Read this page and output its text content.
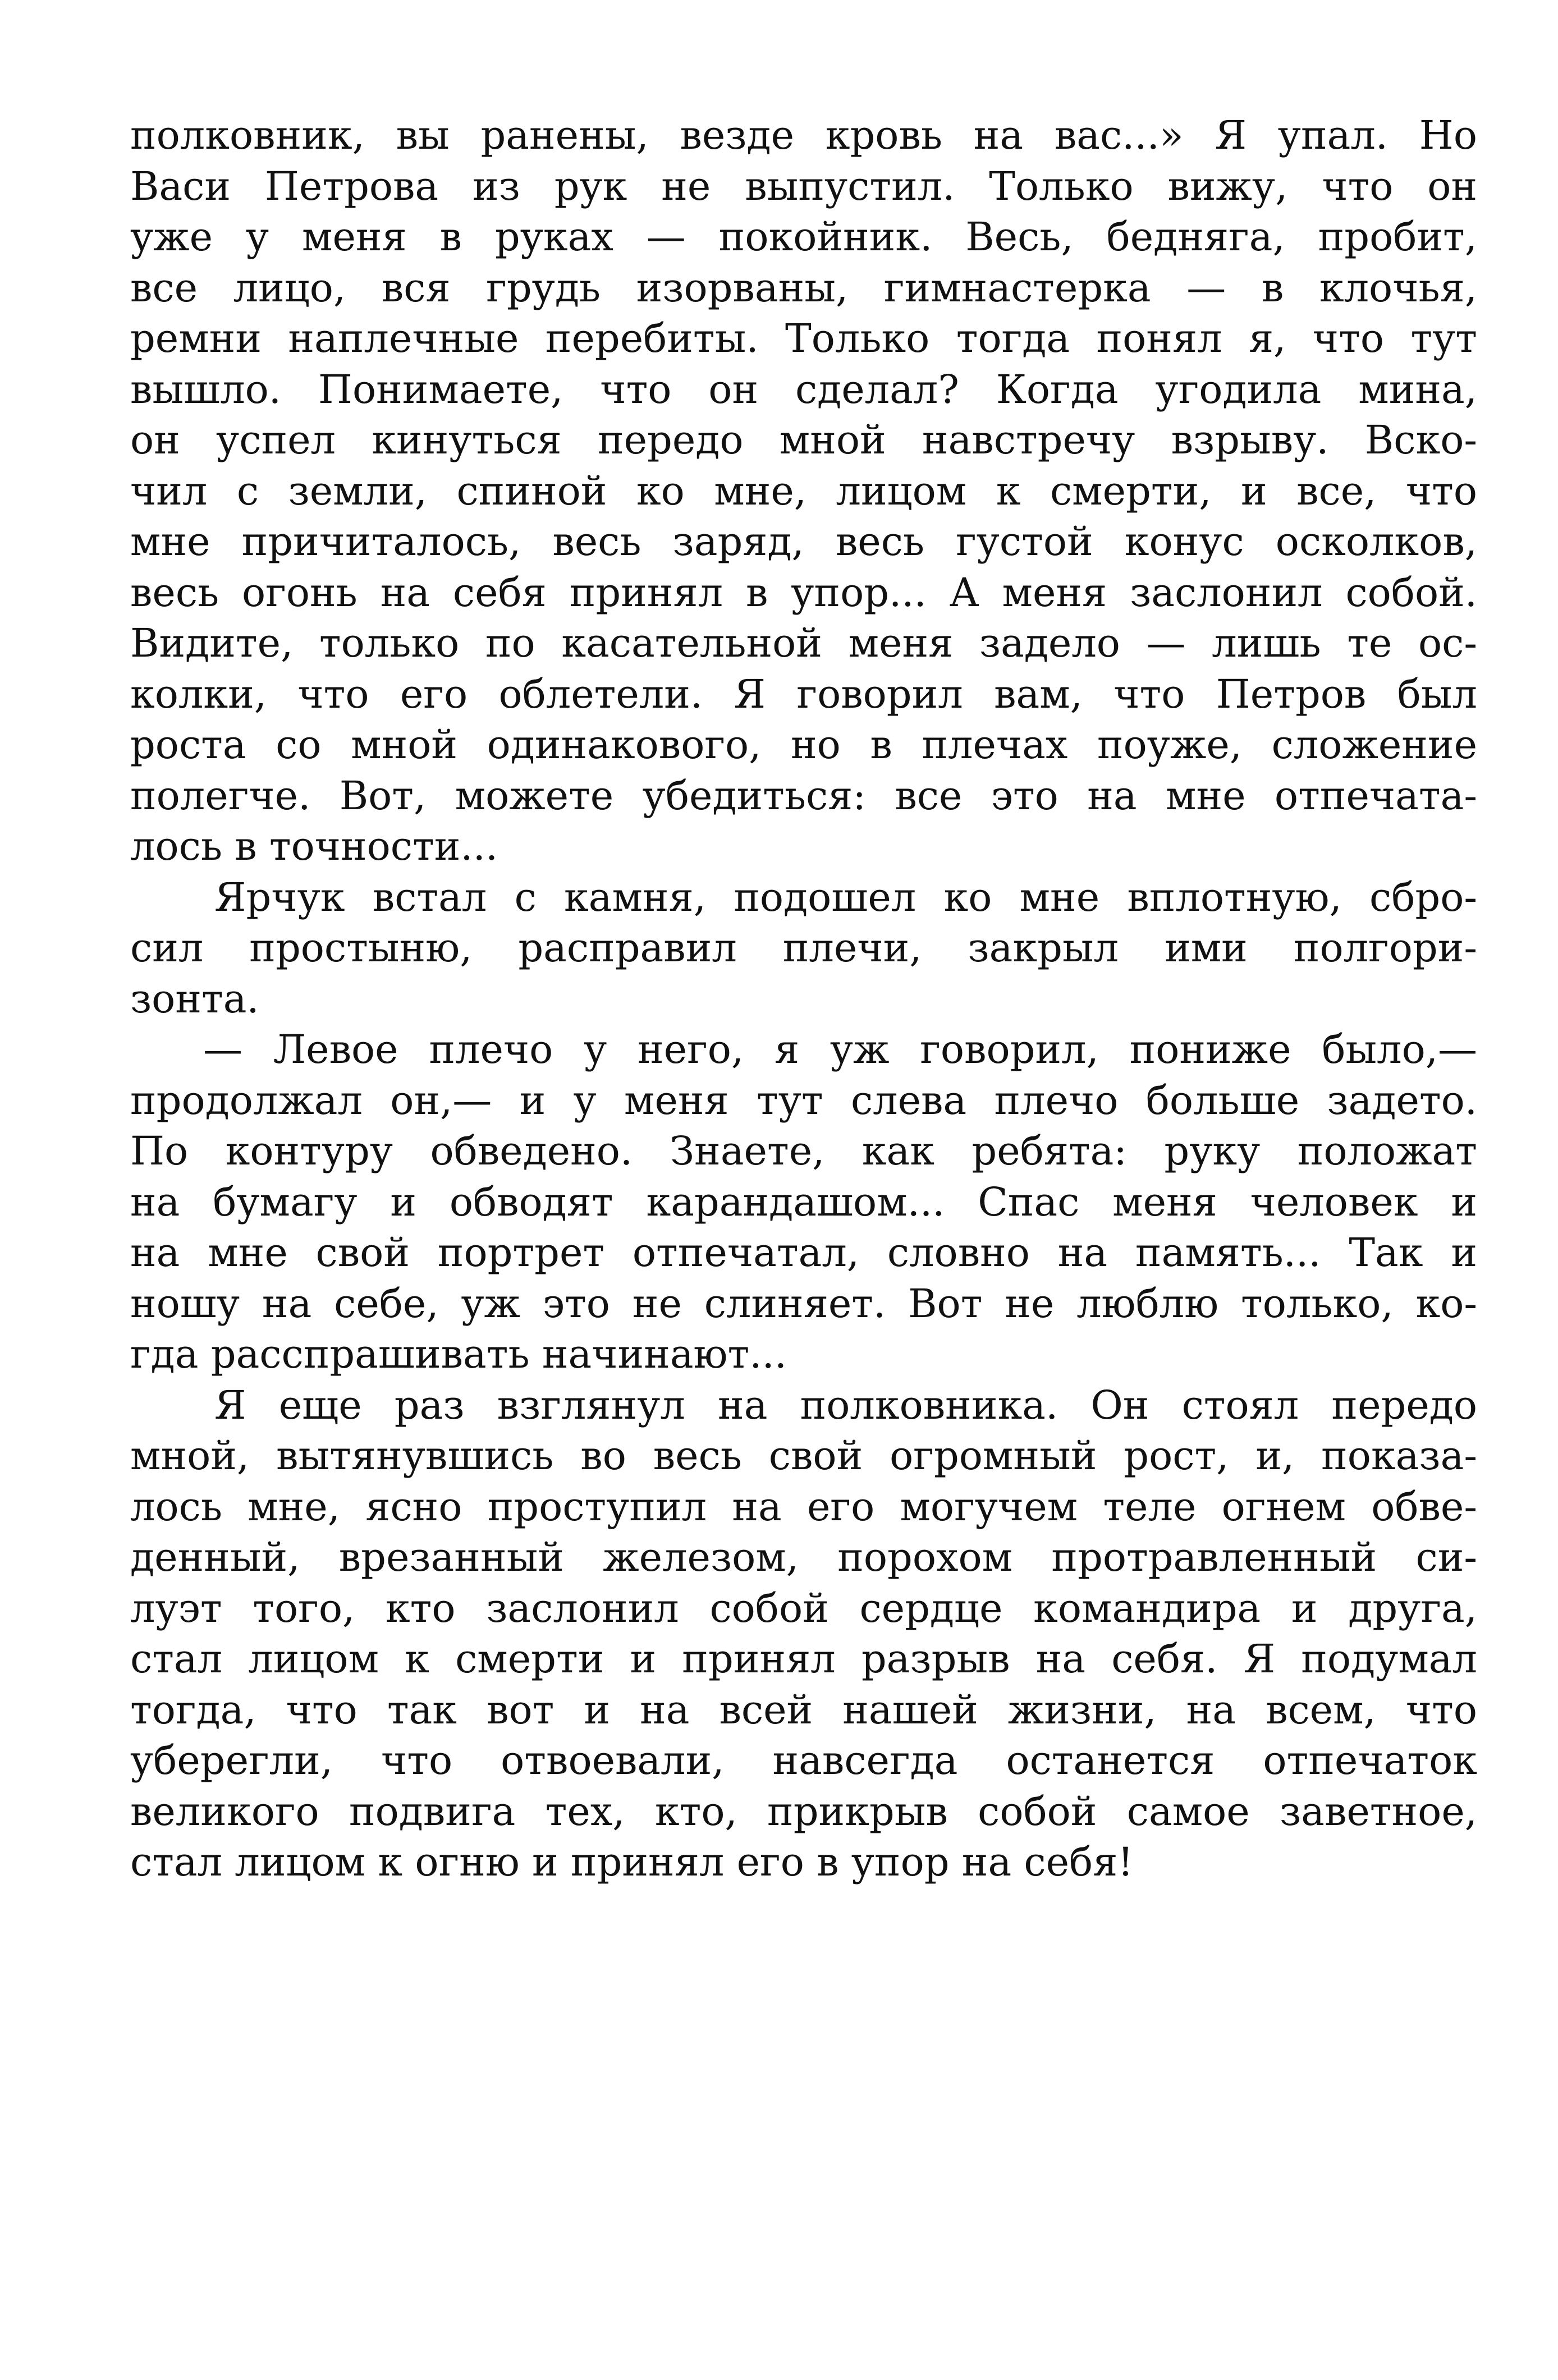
полковник, вы ранены, везде кровь на вас...» Я упал. Но
Васи Петрова из рук не выпустил. Только вижу, что он
уже у меня в руках — покойник. Весь, бедняга, пробит,
все лицо, вся грудь изорваны, гимнастерка — в клочья,
ремни наплечные перебиты. Только тогда понял я, что тут
вышло. Понимаете, что он сделал? Когда угодила мина,
он успел кинуться передо мной навстречу взрыву. Вско-
чил с земли, спиной ко мне, лицом к смерти, и все, что
мне причиталось, весь заряд, весь густой конус осколков,
весь огонь на себя принял в упор... А меня заслонил собой.
Видите, только по касательной меня задело — лишь те ос-
колки, что его облетели. Я говорил вам, что Петров был
роста со мной одинакового, но в плечах поуже, сложение
полегче. Вот, можете убедиться: все это на мне отпечата-
лось в точности...
Ярчук встал с камня, подошел ко мне вплотную, сбро-
сил простыню, расправил плечи, закрыл ими полгори-
зонта.
— Левое плечо у него, я уж говорил, пониже было,—
продолжал он,— и у меня тут слева плечо больше задето.
По контуру обведено. Знаете, как ребята: руку положат
на бумагу и обводят карандашом... Спас меня человек и
на мне свой портрет отпечатал, словно на память... Так и
ношу на себе, уж это не слиняет. Вот не люблю только, ко-
гда расспрашивать начинают...
Я еще раз взглянул на полковника. Он стоял передо
мной, вытянувшись во весь свой огромный рост, и, показа-
лось мне, ясно проступил на его могучем теле огнем обве-
денный, врезанный железом, порохом протравленный си-
луэт того, кто заслонил собой сердце командира и друга,
стал лицом к смерти и принял разрыв на себя. Я подумал
тогда, что так вот и на всей нашей жизни, на всем, что
уберегли, что отвоевали, навсегда останется отпечаток
великого подвига тех, кто, прикрыв собой самое заветное,
стал лицом к огню и принял его в упор на себя!
